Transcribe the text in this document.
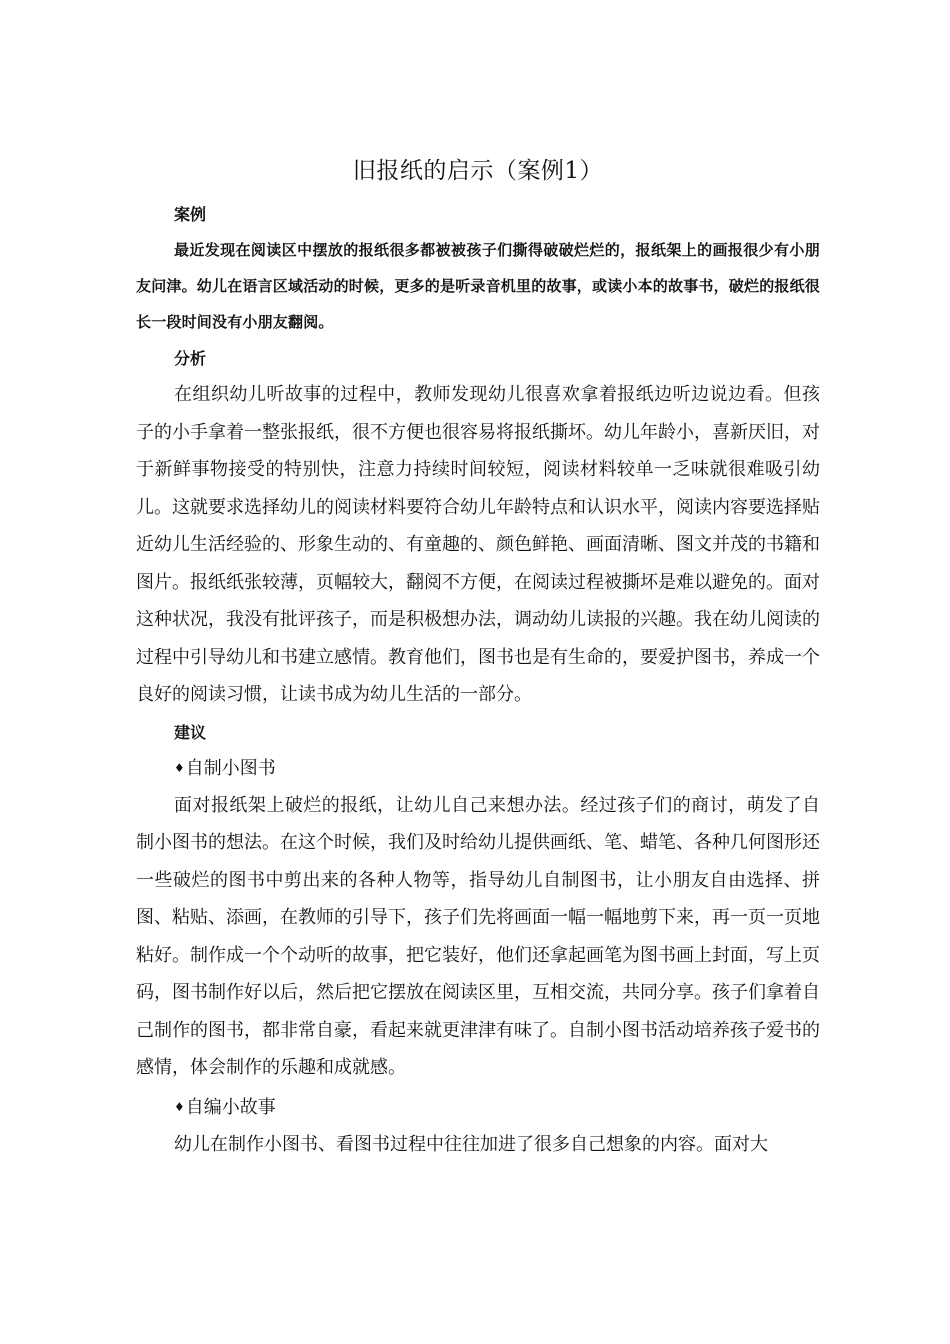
旧报纸的启示（案例1）
案例

最近发现在阅读区中摆放的报纸很多都被被孩子们撕得破破烂烂的，报纸架上的画报很少有小朋友问津。幼儿在语言区域活动的时候，更多的是听录音机里的故事，或读小本的故事书，破烂的报纸很长一段时间没有小朋友翻阅。

分析

在组织幼儿听故事的过程中，教师发现幼儿很喜欢拿着报纸边听边说边看。但孩子的小手拿着一整张报纸，很不方便也很容易将报纸撕坏。幼儿年龄小，喜新厌旧，对于新鲜事物接受的特别快，注意力持续时间较短，阅读材料较单一乏味就很难吸引幼儿。这就要求选择幼儿的阅读材料要符合幼儿年龄特点和认识水平，阅读内容要选择贴近幼儿生活经验的、形象生动的、有童趣的、颜色鲜艳、画面清晰、图文并茂的书籍和图片。报纸纸张较薄，页幅较大，翻阅不方便，在阅读过程被撕坏是难以避免的。面对这种状况，我没有批评孩子，而是积极想办法，调动幼儿读报的兴趣。我在幼儿阅读的过程中引导幼儿和书建立感情。教育他们，图书也是有生命的，要爱护图书，养成一个良好的阅读习惯，让读书成为幼儿生活的一部分。

建议
♦自制小图书

面对报纸架上破烂的报纸，让幼儿自己来想办法。经过孩子们的商讨，萌发了自制小图书的想法。在这个时候，我们及时给幼儿提供画纸、笔、蜡笔、各种几何图形还一些破烂的图书中剪出来的各种人物等，指导幼儿自制图书，让小朋友自由选择、拼图、粘贴、添画，在教师的引导下，孩子们先将画面一幅一幅地剪下来，再一页一页地粘好。制作成一个个动听的故事，把它装好，他们还拿起画笔为图书画上封面，写上页码，图书制作好以后，然后把它摆放在阅读区里，互相交流，共同分享。孩子们拿着自己制作的图书，都非常自豪，看起来就更津津有味了。自制小图书活动培养孩子爱书的感情，体会制作的乐趣和成就感。

♦自编小故事

幼儿在制作小图书、看图书过程中往往加进了很多自己想象的内容。面对大
